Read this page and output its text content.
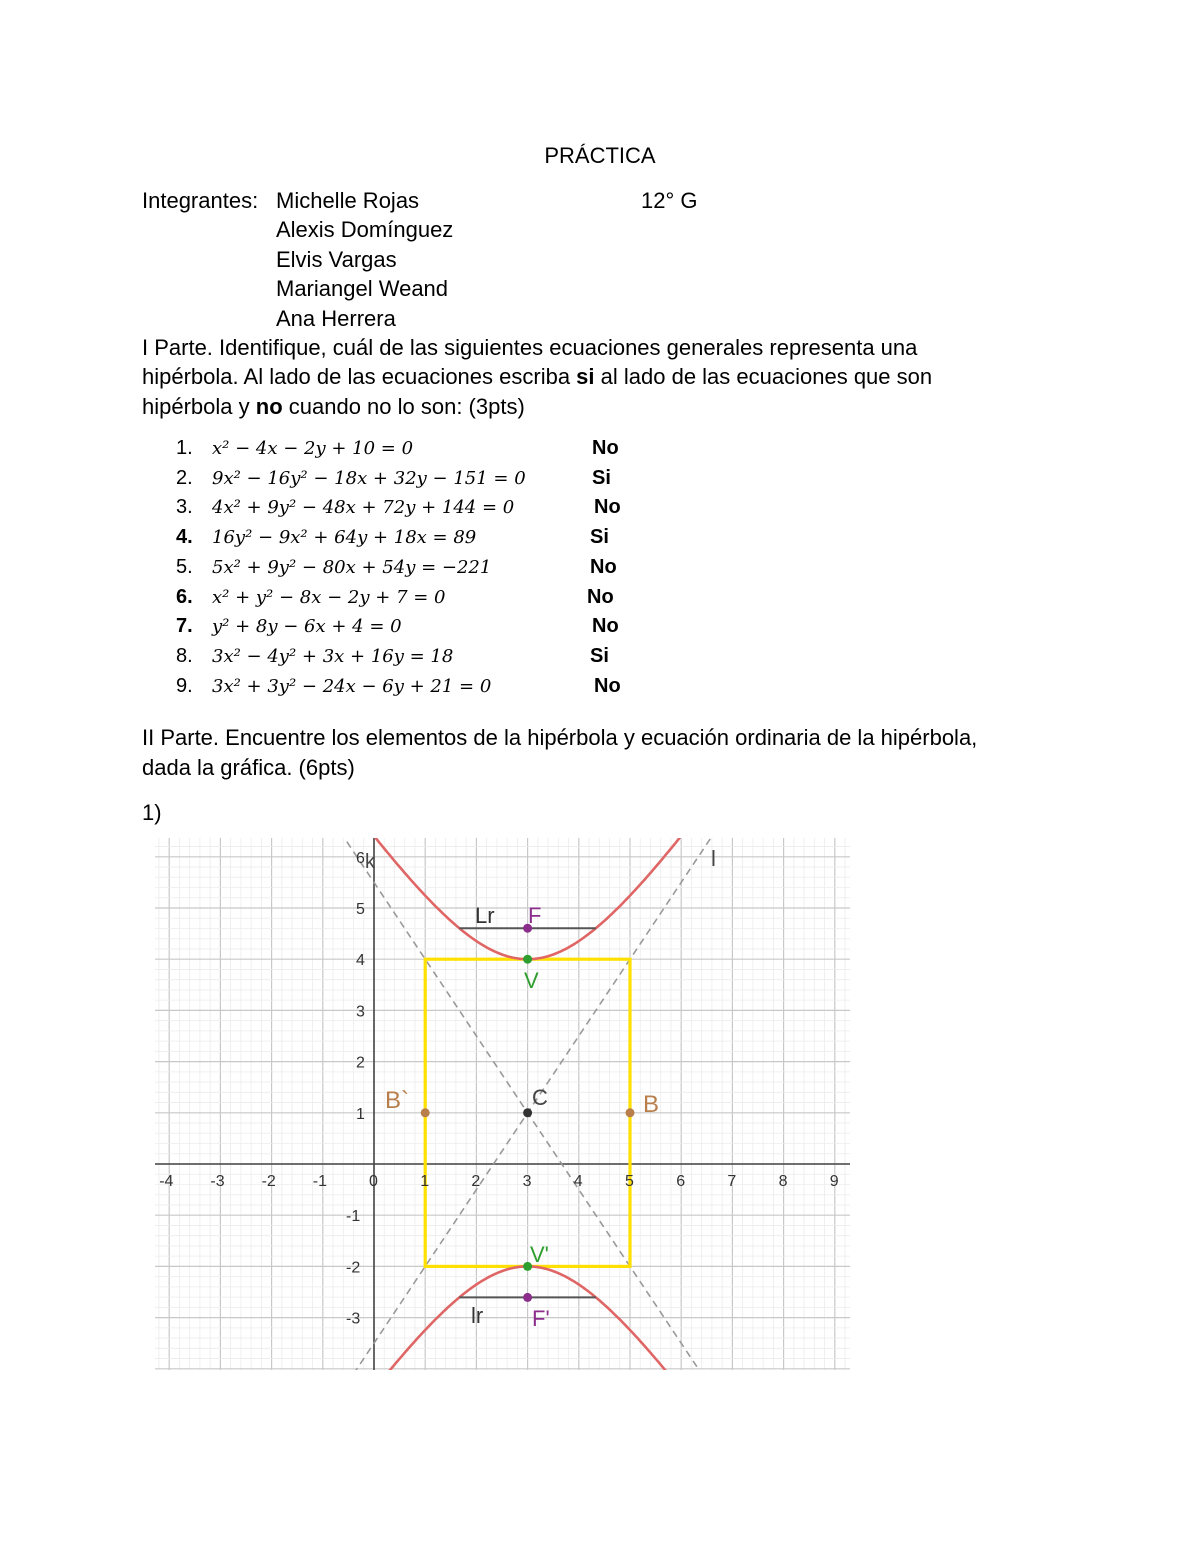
PRÁCTICA
Integrantes: Michelle Rojas	12° G
Alexis Domínguez
Elvis Vargas
Mariangel Weand
Ana Herrera
I Parte. Identifique, cuál de las siguientes ecuaciones generales representa una
hipérbola. Al lado de las ecuaciones escriba si al lado de las ecuaciones que son
hipérbola y no cuando no lo son: (3pts)
1. x² − 4x − 2y + 10 = 0	No
2. 9x² − 16y² − 18x + 32y − 151 = 0	Si
3. 4x² + 9y² − 48x + 72y + 144 = 0	No
4. 16y² − 9x² + 64y + 18x = 89	Si
5. 5x² + 9y² − 80x + 54y = −221	No
6. x² + y² − 8x − 2y + 7 = 0	No
7. y² + 8y − 6x + 4 = 0	No
8. 3x² − 4y² + 3x + 16y = 18	Si
9. 3x² + 3y² − 24x − 6y + 21 = 0	No
II Parte. Encuentre los elementos de la hipérbola y ecuación ordinaria de la hipérbola,
dada la gráfica. (6pts)
1)
-4 -3 -2 -1	0	1	2	3	4	5	6	7	8	9
6
5
4
3
2
1
-1
-2
-3
Lr F
V
C
B`	B
V'
lr F'
l
k
